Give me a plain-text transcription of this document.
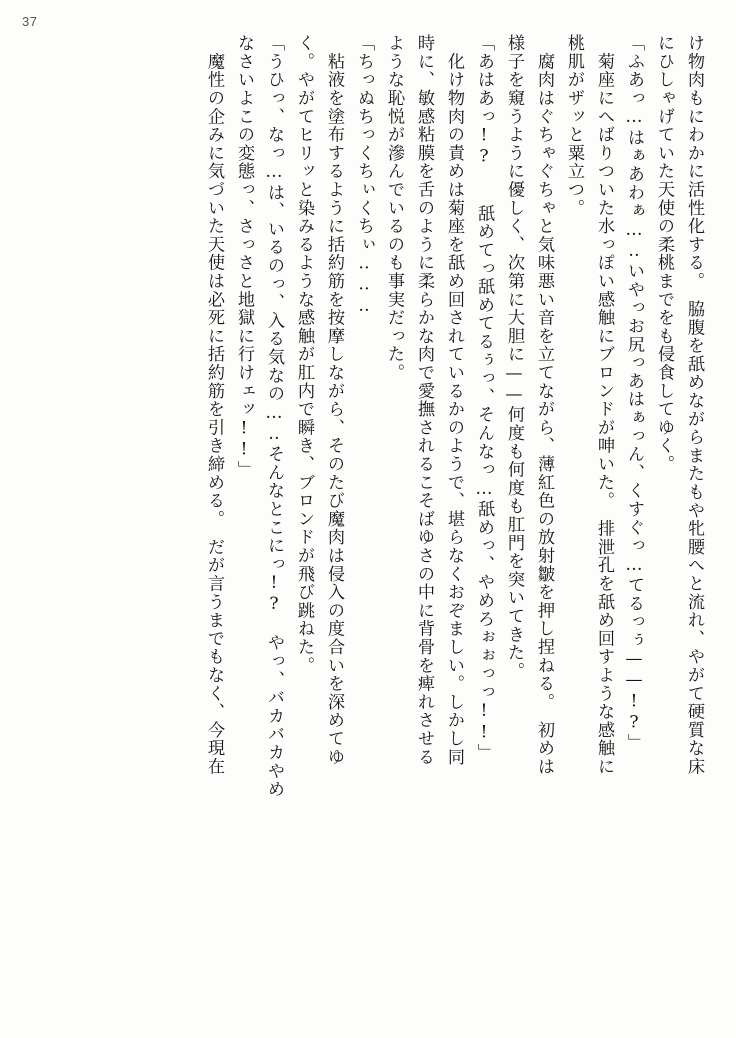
37
け物肉もにわかに活性化する。　脇腹を舐めながらまたもや牝腰へと流れ、やがて硬質な床
にひしゃげていた天使の柔桃までをも侵食してゆく。
「ふあっ…はぁあわぁ…‥いやっお尻っあはぁっん、くすぐっ…てるっぅ——!?」
　菊座にへばりついた水っぽい感触にブロンドが呻いた。　排泄孔を舐め回すような感触に
桃肌がザッと粟立つ。
　腐肉はぐちゃぐちゃと気味悪い音を立てながら、薄紅色の放射皺を押し捏ねる。　初めは
様子を窺うように優しく、次第に大胆に——何度も何度も肛門を突いてきた。
「あはあっ!?　　舐めてっ舐めてるぅっ、そんなっ…舐めっ、やめろぉぉっっ!!」
　化け物肉の責めは菊座を舐め回されているかのようで、堪らなくおぞましい。しかし同
時に、敏感粘膜を舌のように柔らかな肉で愛撫されるこそばゆさの中に背骨を痺れさせる
ような恥悦が滲んでいるのも事実だった。
「ちっぬちっくちぃくちぃ‥‥‥
　粘液を塗布するように括約筋を按摩しながら、そのたび魔肉は侵入の度合いを深めてゆ
く。やがてヒリッと染みるような感触が肛内で瞬き、ブロンドが飛び跳ねた。
「うひっ、なっ…は、いるのっ、入る気なの…‥そんなとこにっ!?　やっ、バカバカやめ
なさいよこの変態っ、さっさと地獄に行けェッ!!」
　魔性の企みに気づいた天使は必死に括約筋を引き締める。　だが言うまでもなく、今現在
